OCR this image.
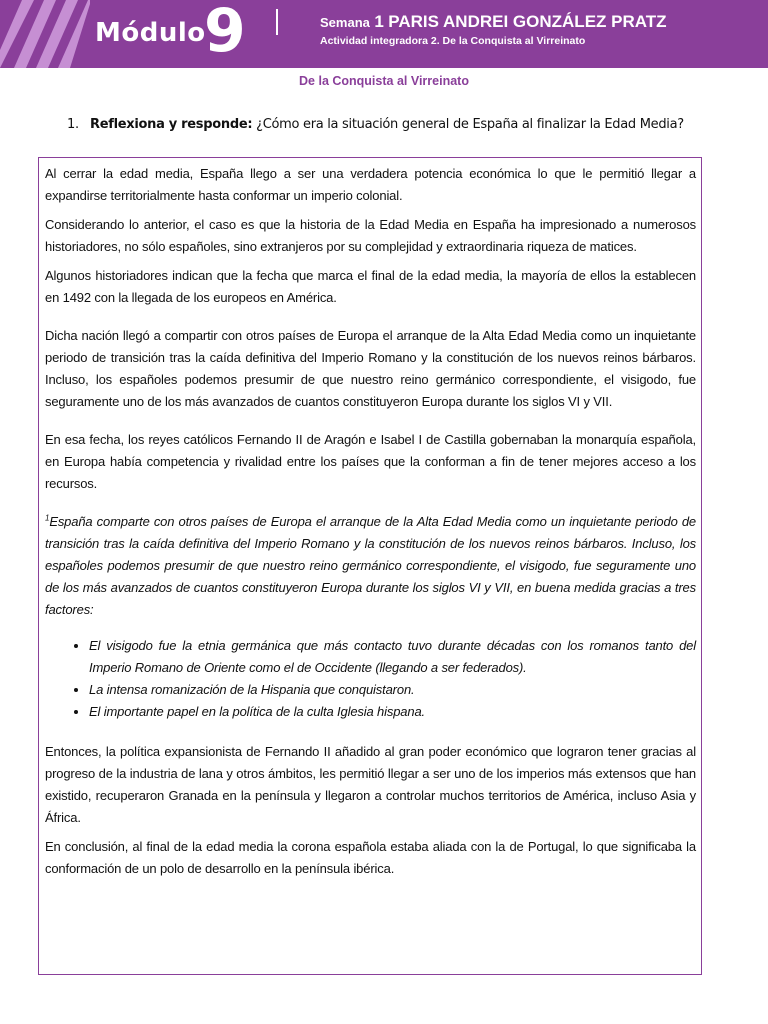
Módulo
9	Semana 1 PARIS ANDREI GONZÁLEZ PRATZ
Actividad integradora 2. De la Conquista al Virreinato
De la Conquista al Virreinato
1. Reflexiona y responde: ¿Cómo era la situación general de España al finalizar la Edad Media?

Al cerrar la edad media, España llego a ser una verdadera potencia económica lo que le permitió llegar a expandirse territorialmente hasta conformar un imperio colonial.

Considerando lo anterior, el caso es que la historia de la Edad Media en España ha impresionado a numerosos historiadores, no sólo españoles, sino extranjeros por su complejidad y extraordinaria riqueza de matices.

Algunos historiadores indican que la fecha que marca el final de la edad media, la mayoría de ellos la establecen en 1492 con la llegada de los europeos en América.

Dicha nación llegó a compartir con otros países de Europa el arranque de la Alta Edad Media como un inquietante periodo de transición tras la caída definitiva del Imperio Romano y la constitución de los nuevos reinos bárbaros. Incluso, los españoles podemos presumir de que nuestro reino germánico correspondiente, el visigodo, fue seguramente uno de los más avanzados de cuantos constituyeron Europa durante los siglos VI y VII.

En esa fecha, los reyes católicos Fernando II de Aragón e Isabel I de Castilla gobernaban la monarquía española, en Europa había competencia y rivalidad entre los países que la conforman a fin de tener mejores acceso a los recursos.

$^1$España comparte con otros países de Europa el arranque de la Alta Edad Media como un inquietante periodo de transición tras la caída definitiva del Imperio Romano y la constitución de los nuevos reinos bárbaros. Incluso, los españoles podemos presumir de que nuestro reino germánico correspondiente, el visigodo, fue seguramente uno de los más avanzados de cuantos constituyeron Europa durante los siglos VI y VII, en buena medida gracias a tres factores:

• El visigodo fue la etnia germánica que más contacto tuvo durante décadas con los romanos tanto del Imperio Romano de Oriente como el de Occidente (llegando a ser federados).
• La intensa romanización de la Hispania que conquistaron.
• El importante papel en la política de la culta Iglesia hispana.

Entonces, la política expansionista de Fernando II añadido al gran poder económico que lograron tener gracias al progreso de la industria de lana y otros ámbitos, les permitió llegar a ser uno de los imperios más extensos que han existido, recuperaron Granada en la península y llegaron a controlar muchos territorios de América, incluso Asia y África.

En conclusión, al final de la edad media la corona española estaba aliada con la de Portugal, lo que significaba la conformación de un polo de desarrollo en la península ibérica.
